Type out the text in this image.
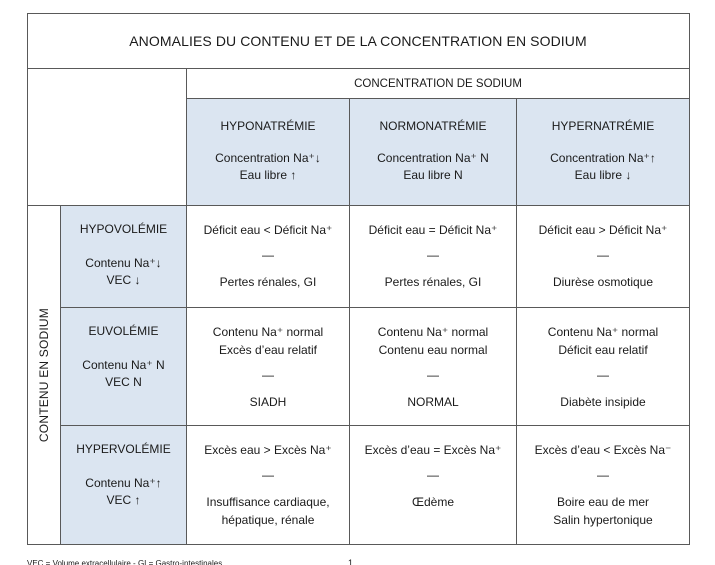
ANOMALIES DU CONTENU ET DE LA CONCENTRATION EN SODIUM
CONCENTRATION DE SODIUM
HYPONATRÉMIE
Concentration Na⁺↓
Eau libre ↑
NORMONATRÉMIE
Concentration Na⁺ N
Eau libre N
HYPERNATRÉMIE
Concentration Na⁺↑
Eau libre ↓
CONTENU EN SODIUM
HYPOVOLÉMIE
Contenu Na⁺↓
VEC ↓
EUVOLÉMIE
Contenu Na⁺ N
VEC N
HYPERVOLÉMIE
Contenu Na⁺↑
VEC ↑
Déficit eau < Déficit Na⁺
—
Pertes rénales, GI
Déficit eau = Déficit Na⁺
—
Pertes rénales, GI
Déficit eau > Déficit Na⁺
—
Diurèse osmotique
Contenu Na⁺ normal
Excès d’eau relatif
—
SIADH
Contenu Na⁺ normal
Contenu eau normal
—
NORMAL
Contenu Na⁺ normal
Déficit eau relatif
—
Diabète insipide
Excès eau > Excès Na⁺
—
Insuffisance cardiaque,
hépatique, rénale
Excès d’eau = Excès Na⁺
—
Œdème
Excès d’eau < Excès Na⁻
—
Boire eau de mer
Salin hypertonique
VEC = Volume extracellulaire - GI = Gastro-intestinales	1
